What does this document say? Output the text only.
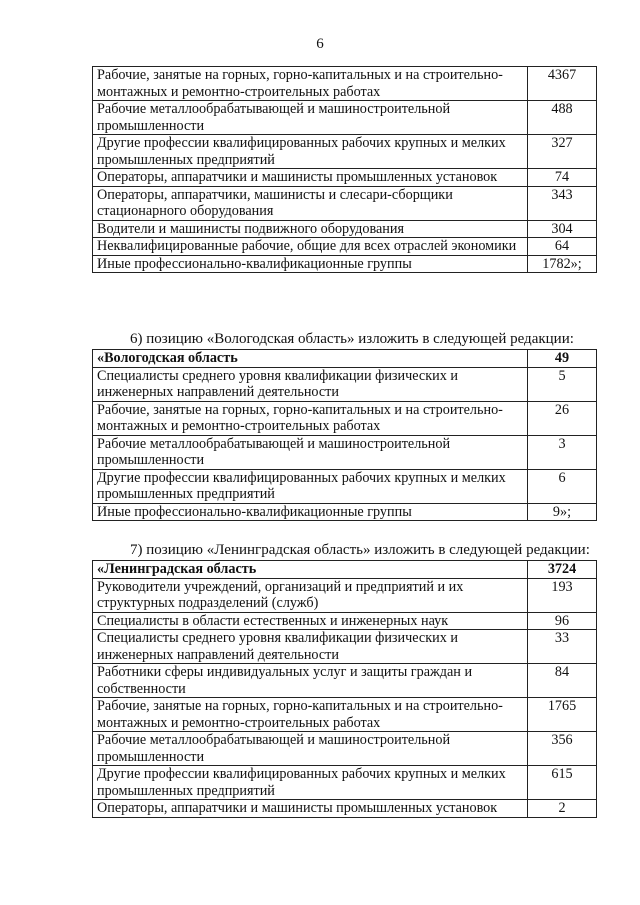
6
Рабочие, занятые на горных, горно-капитальных и на строительно-монтажных и ремонтно-строительных работах	4367
Рабочие металлообрабатывающей и машиностроительной промышленности	488
Другие профессии квалифицированных рабочих крупных и мелких промышленных предприятий	327
Операторы, аппаратчики и машинисты промышленных установок	74
Операторы, аппаратчики, машинисты и слесари-сборщики стационарного оборудования	343
Водители и машинисты подвижного оборудования	304
Неквалифицированные рабочие, общие для всех отраслей экономики	64
Иные профессионально-квалификационные группы	1782»;
6) позицию «Вологодская область» изложить в следующей редакции:
«Вологодская область	49
Специалисты среднего уровня квалификации физических и инженерных направлений деятельности	5
Рабочие, занятые на горных, горно-капитальных и на строительно-монтажных и ремонтно-строительных работах	26
Рабочие металлообрабатывающей и машиностроительной промышленности	3
Другие профессии квалифицированных рабочих крупных и мелких промышленных предприятий	6
Иные профессионально-квалификационные группы	9»;
7) позицию «Ленинградская область» изложить в следующей редакции:
«Ленинградская область	3724
Руководители учреждений, организаций и предприятий и их структурных подразделений (служб)	193
Специалисты в области естественных и инженерных наук	96
Специалисты среднего уровня квалификации физических и инженерных направлений деятельности	33
Работники сферы индивидуальных услуг и защиты граждан и собственности	84
Рабочие, занятые на горных, горно-капитальных и на строительно-монтажных и ремонтно-строительных работах	1765
Рабочие металлообрабатывающей и машиностроительной промышленности	356
Другие профессии квалифицированных рабочих крупных и мелких промышленных предприятий	615
Операторы, аппаратчики и машинисты промышленных установок	2
